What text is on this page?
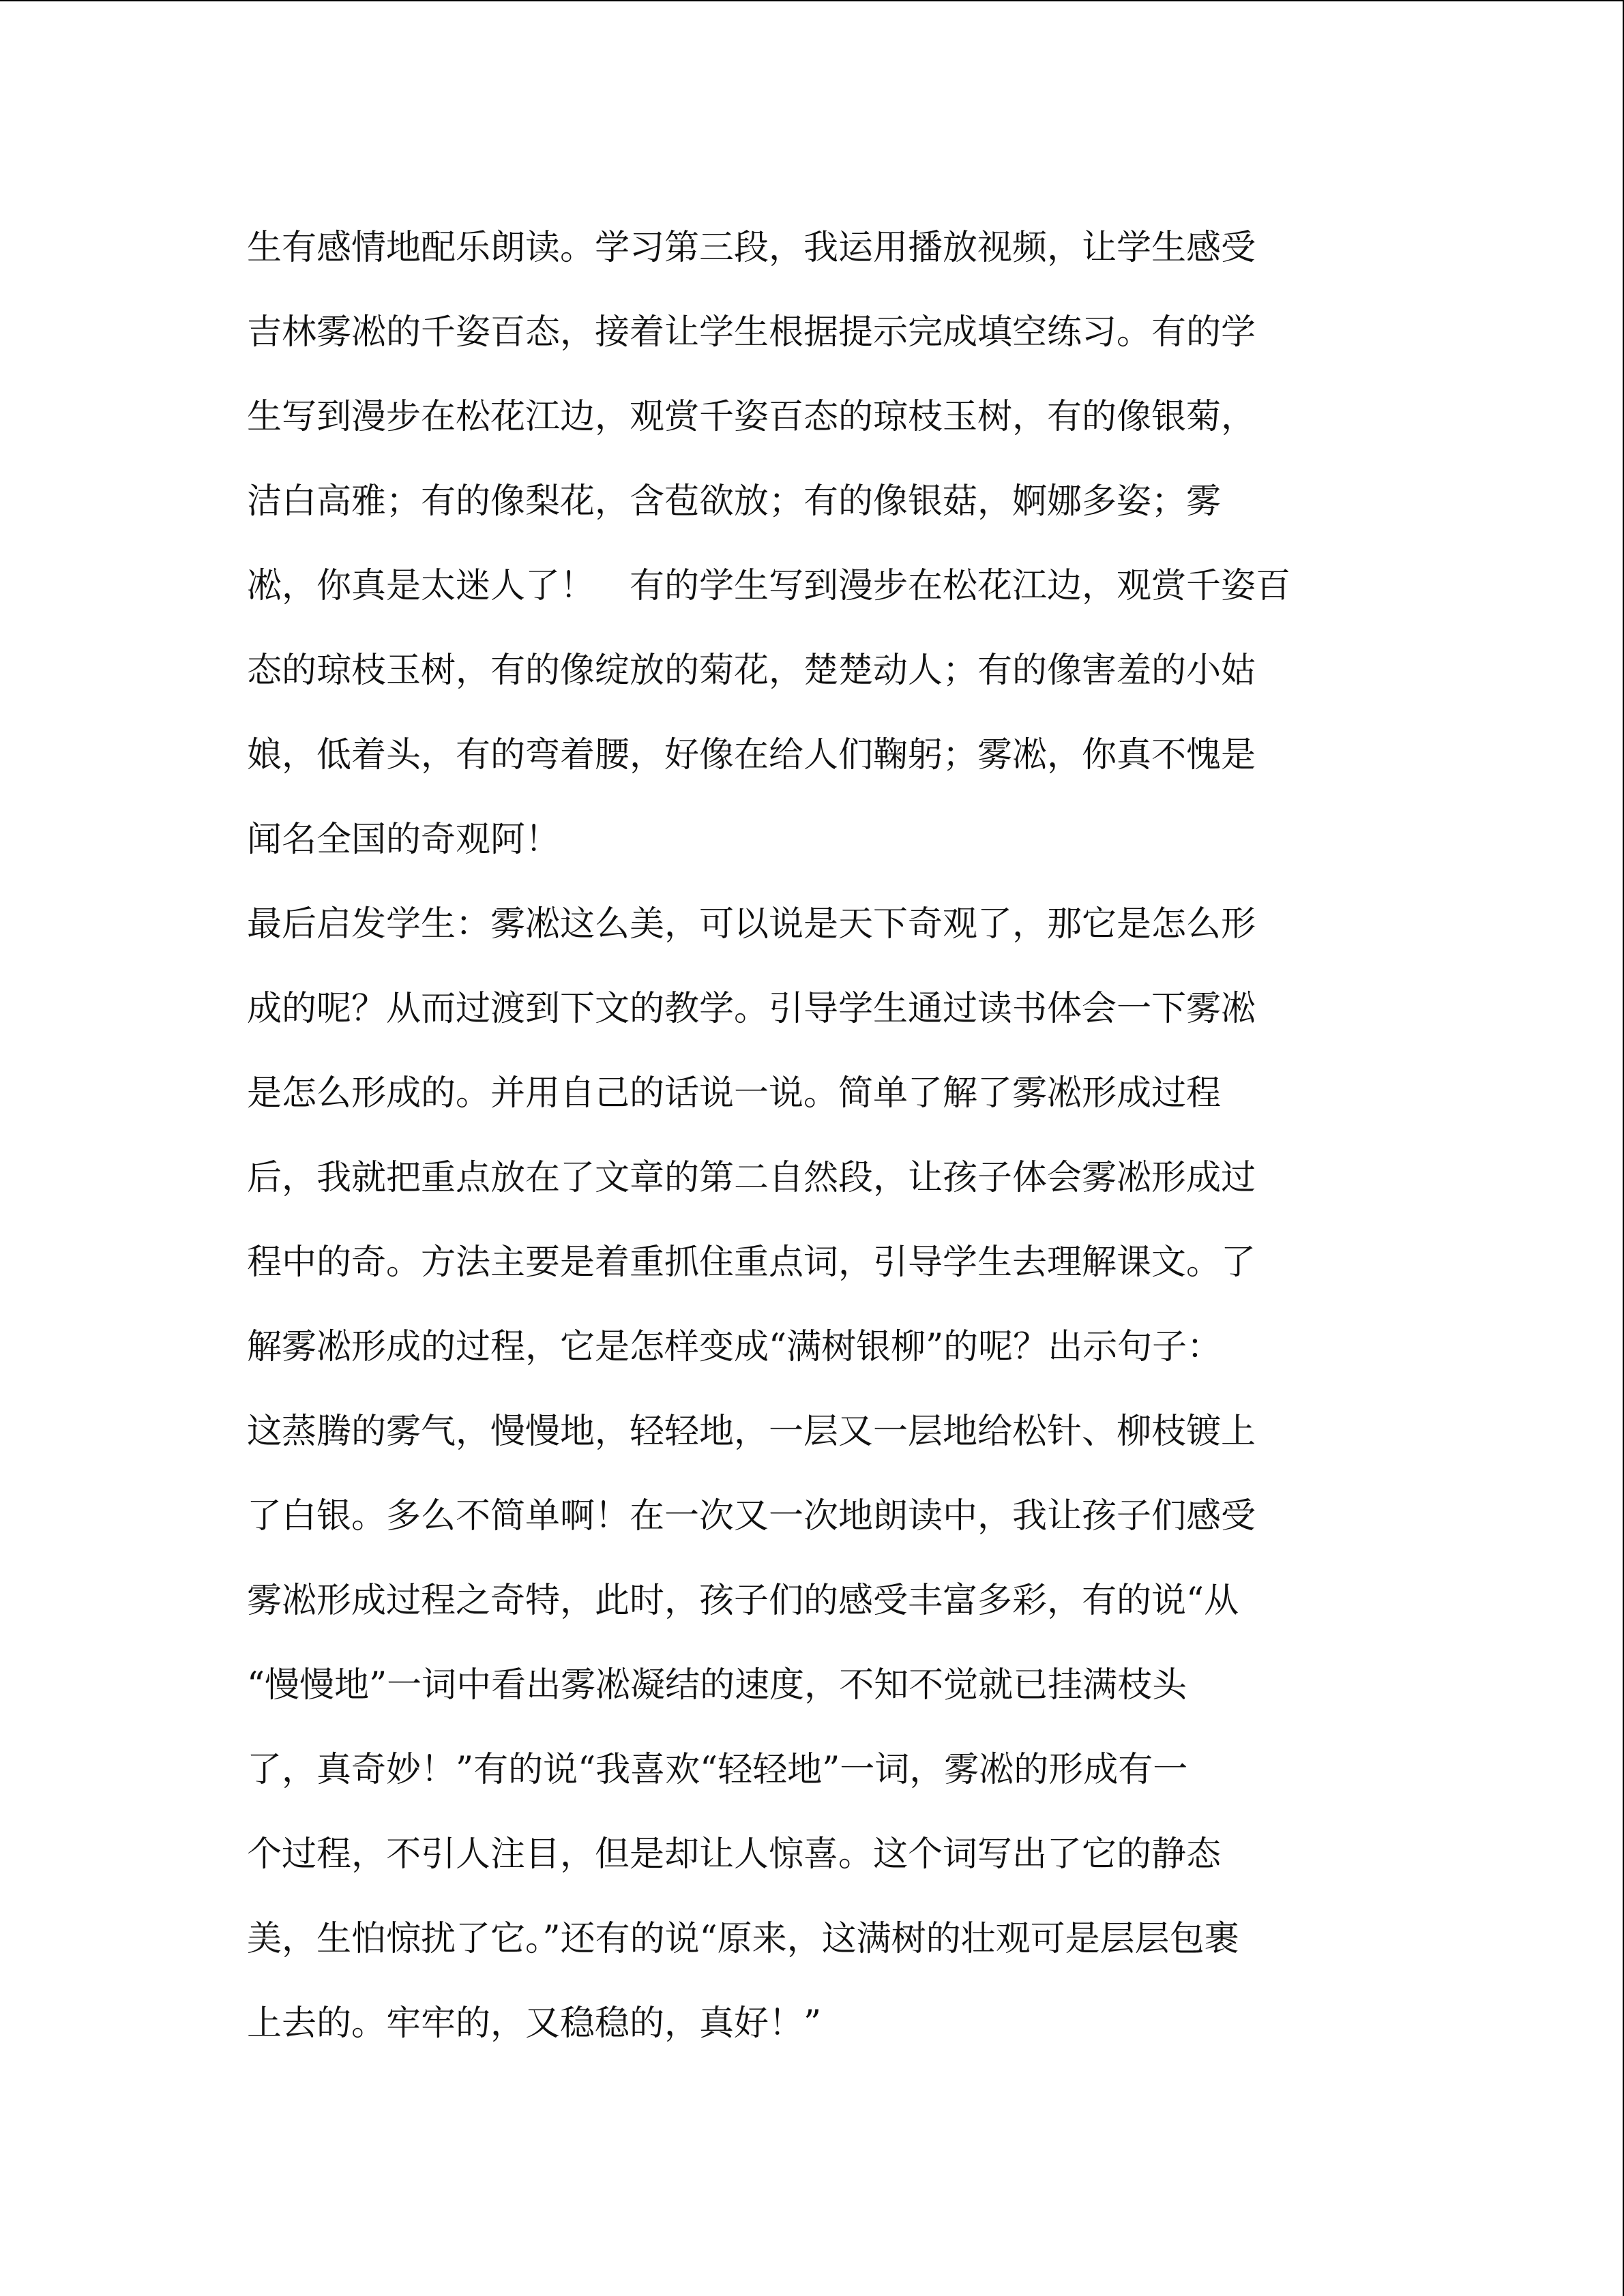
生有感情地配乐朗读。学习第三段，我运用播放视频，让学生感受
吉林雾凇的千姿百态，接着让学生根据提示完成填空练习。有的学
生写到漫步在松花江边，观赏千姿百态的琼枝玉树，有的像银菊，
洁白高雅；有的像梨花，含苞欲放；有的像银菇，婀娜多姿；雾
凇，你真是太迷人了！　有的学生写到漫步在松花江边，观赏千姿百
态的琼枝玉树，有的像绽放的菊花，楚楚动人；有的像害羞的小姑
娘，低着头，有的弯着腰，好像在给人们鞠躬；雾凇，你真不愧是
闻名全国的奇观阿！
最后启发学生：雾凇这么美，可以说是天下奇观了，那它是怎么形
成的呢？从而过渡到下文的教学。引导学生通过读书体会一下雾凇
是怎么形成的。并用自己的话说一说。简单了解了雾凇形成过程
后，我就把重点放在了文章的第二自然段，让孩子体会雾凇形成过
程中的奇。方法主要是着重抓住重点词，引导学生去理解课文。了
解雾凇形成的过程，它是怎样变成“满树银柳”的呢？出示句子：
这蒸腾的雾气，慢慢地，轻轻地，一层又一层地给松针、柳枝镀上
了白银。多么不简单啊！在一次又一次地朗读中，我让孩子们感受
雾凇形成过程之奇特，此时，孩子们的感受丰富多彩，有的说“从
“慢慢地”一词中看出雾凇凝结的速度，不知不觉就已挂满枝头
了，真奇妙！”有的说“我喜欢“轻轻地”一词，雾凇的形成有一
个过程，不引人注目，但是却让人惊喜。这个词写出了它的静态
美，生怕惊扰了它。”还有的说“原来，这满树的壮观可是层层包裹
上去的。牢牢的，又稳稳的，真好！”
